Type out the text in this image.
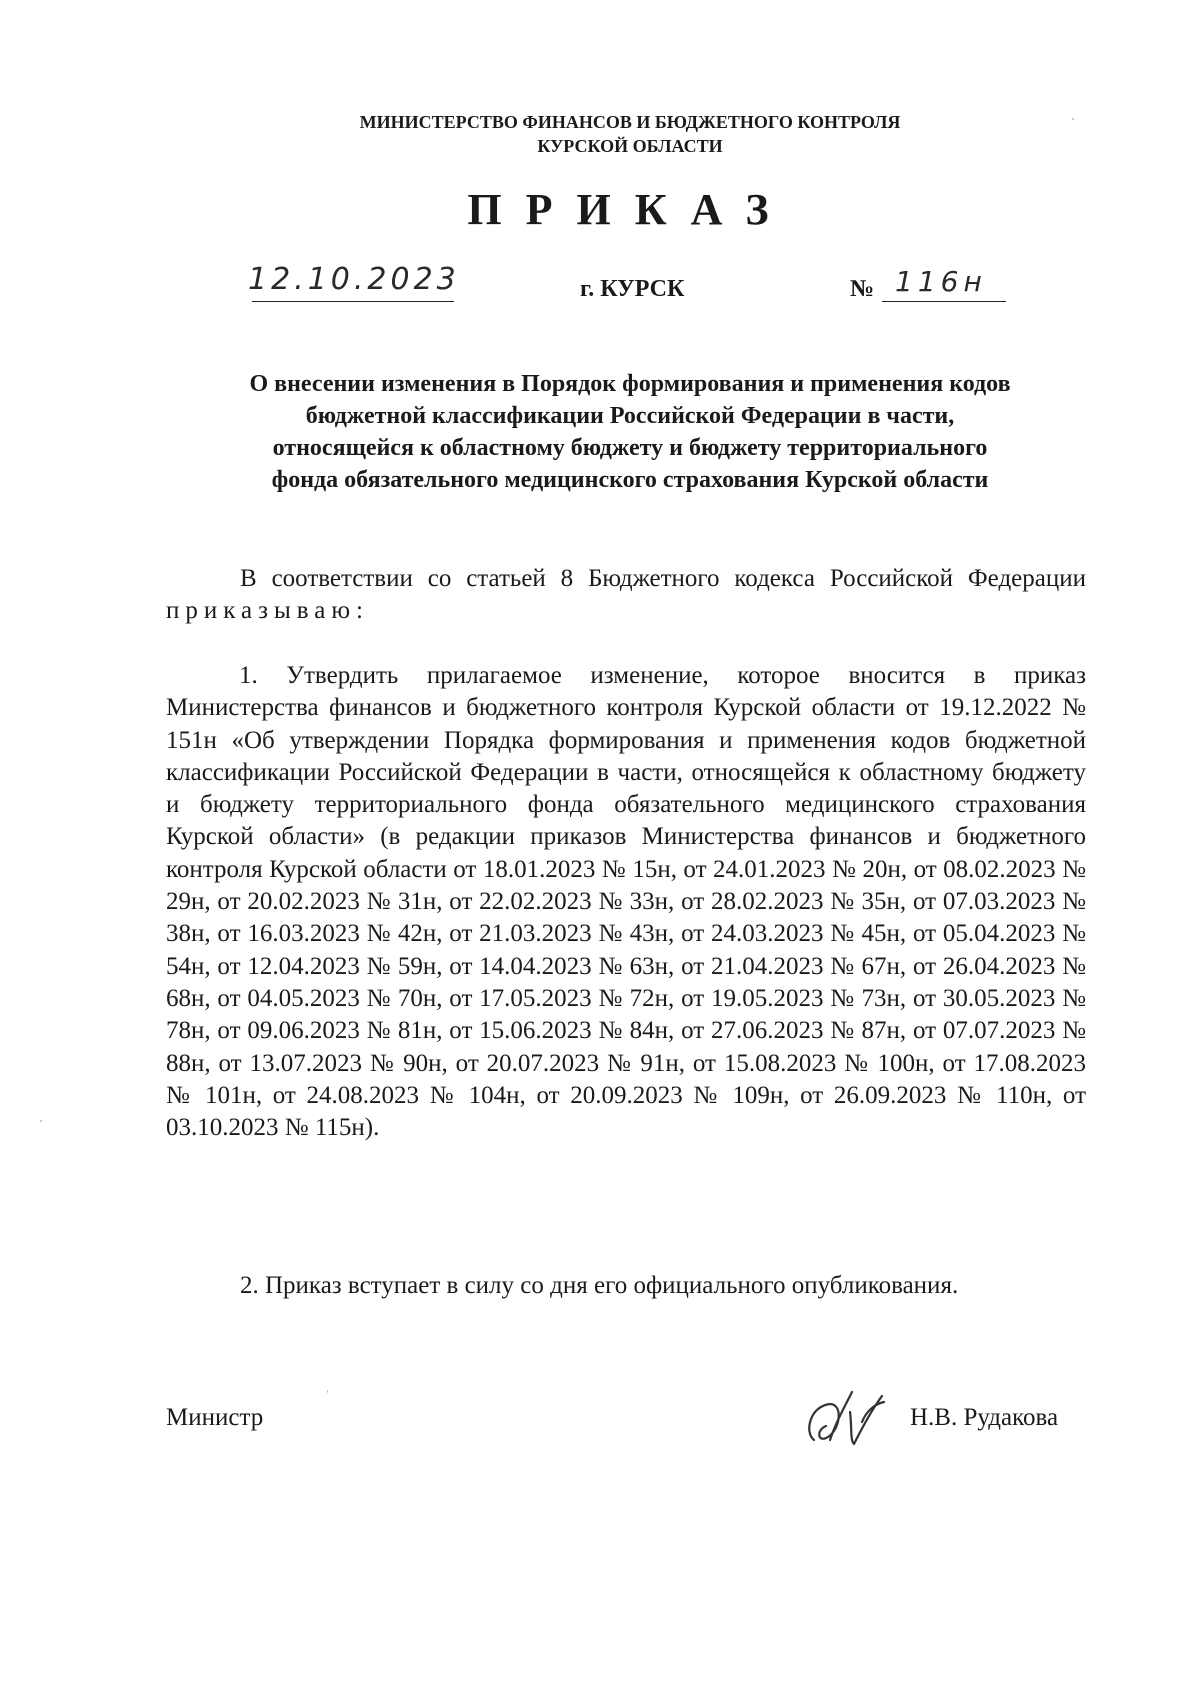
МИНИСТЕРСТВО ФИНАНСОВ И БЮДЖЕТНОГО КОНТРОЛЯ
КУРСКОЙ ОБЛАСТИ
ПРИКАЗ
12.10.2023	г. КУРСК	№ 116н
О внесении изменения в Порядок формирования и применения кодов
бюджетной классификации Российской Федерации в части,
относящейся к областному бюджету и бюджету территориального
фонда обязательного медицинского страхования Курской области

В соответствии со статьей 8 Бюджетного кодекса Российской Федерации приказываю:

1. Утвердить прилагаемое изменение, которое вносится в приказ Министерства финансов и бюджетного контроля Курской области от 19.12.2022 № 151н «Об утверждении Порядка формирования и применения кодов бюджетной классификации Российской Федерации в части, относящейся к областному бюджету и бюджету территориального фонда обязательного медицинского страхования Курской области» (в редакции приказов Министерства финансов и бюджетного контроля Курской области от 18.01.2023 № 15н, от 24.01.2023 № 20н, от 08.02.2023 № 29н, от 20.02.2023 № 31н, от 22.02.2023 № 33н, от 28.02.2023 № 35н, от 07.03.2023 № 38н, от 16.03.2023 № 42н, от 21.03.2023 № 43н, от 24.03.2023 № 45н, от 05.04.2023 № 54н, от 12.04.2023 № 59н, от 14.04.2023 № 63н, от 21.04.2023 № 67н, от 26.04.2023 № 68н, от 04.05.2023 № 70н, от 17.05.2023 № 72н, от 19.05.2023 № 73н, от 30.05.2023 № 78н, от 09.06.2023 № 81н, от 15.06.2023 № 84н, от 27.06.2023 № 87н, от 07.07.2023 № 88н, от 13.07.2023 № 90н, от 20.07.2023 № 91н, от 15.08.2023 № 100н, от 17.08.2023 № 101н, от 24.08.2023 № 104н, от 20.09.2023 № 109н, от 26.09.2023 № 110н, от 03.10.2023 № 115н).

2. Приказ вступает в силу со дня его официального опубликования.

Министр	Н.В. Рудакова
